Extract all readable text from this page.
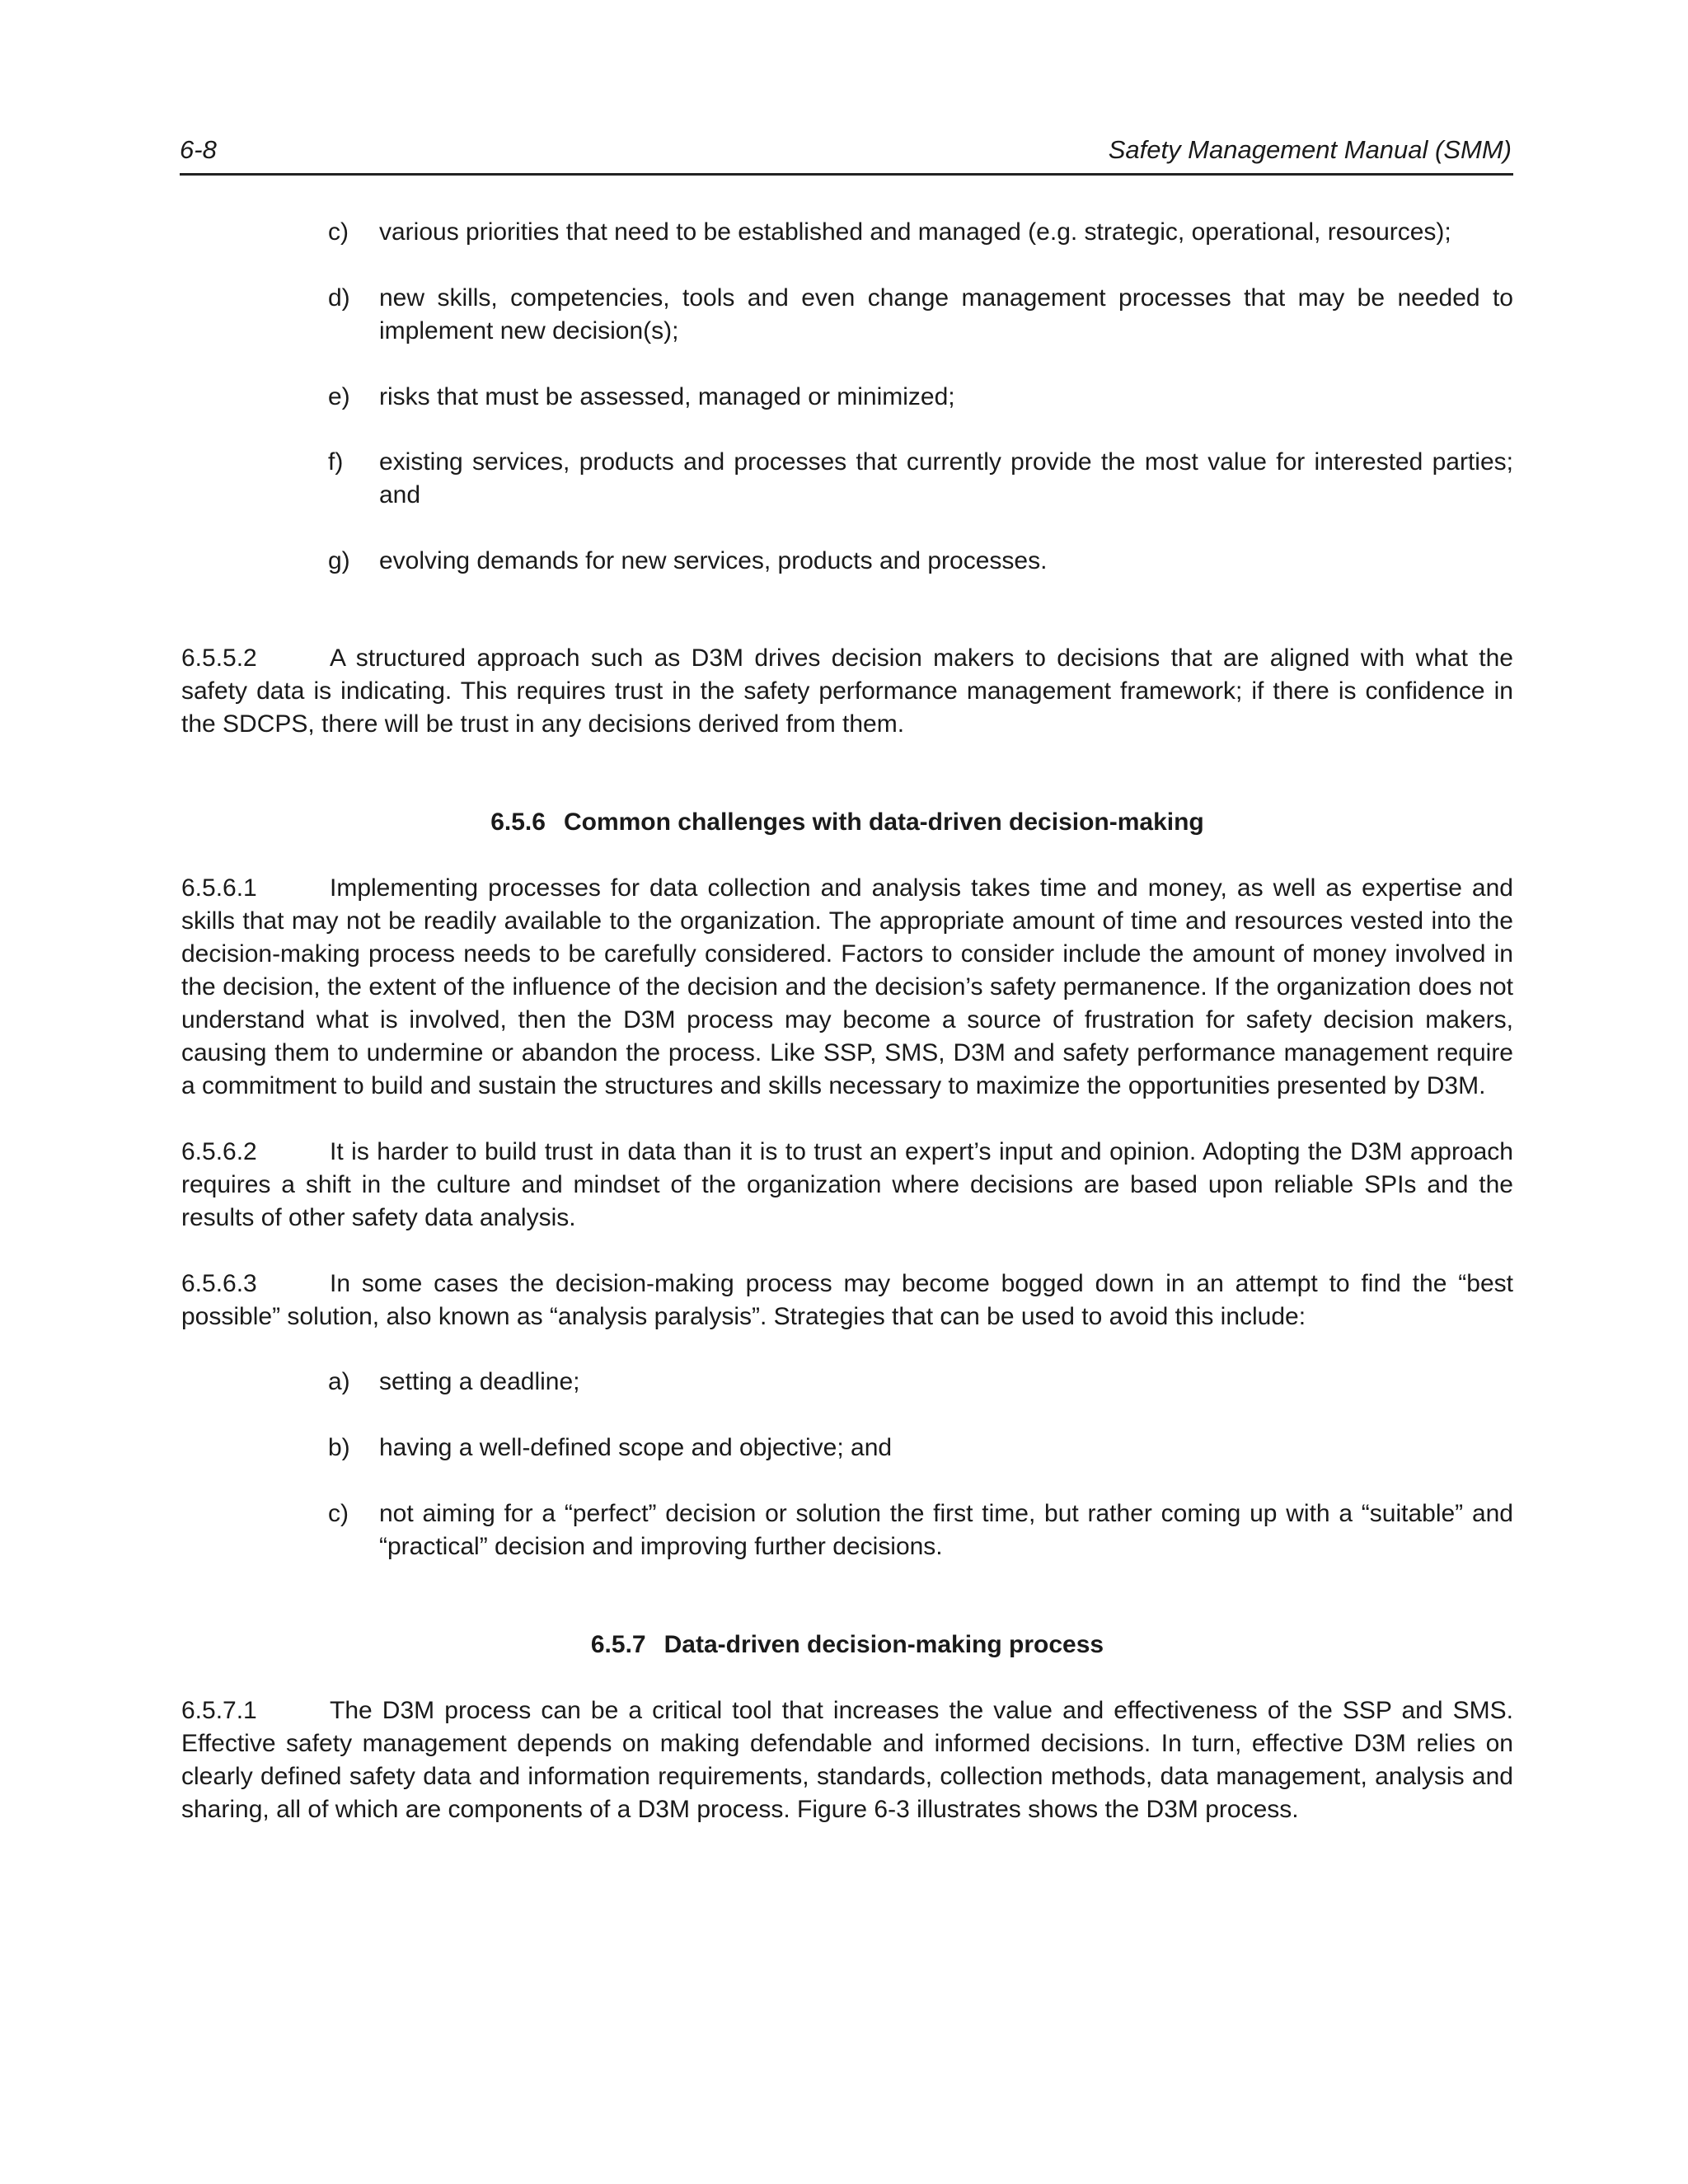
6-8	Safety Management Manual (SMM)
c)	various priorities that need to be established and managed (e.g. strategic, operational, resources);
d)	new skills, competencies, tools and even change management processes that may be needed to implement new decision(s);
e)	risks that must be assessed, managed or minimized;
f)	existing services, products and processes that currently provide the most value for interested parties; and
g)	evolving demands for new services, products and processes.
6.5.5.2	A structured approach such as D3M drives decision makers to decisions that are aligned with what the safety data is indicating. This requires trust in the safety performance management framework; if there is confidence in the SDCPS, there will be trust in any decisions derived from them.
6.5.6 Common challenges with data-driven decision-making
6.5.6.1	Implementing processes for data collection and analysis takes time and money, as well as expertise and skills that may not be readily available to the organization. The appropriate amount of time and resources vested into the decision-making process needs to be carefully considered. Factors to consider include the amount of money involved in the decision, the extent of the influence of the decision and the decision’s safety permanence. If the organization does not understand what is involved, then the D3M process may become a source of frustration for safety decision makers, causing them to undermine or abandon the process. Like SSP, SMS, D3M and safety performance management require a commitment to build and sustain the structures and skills necessary to maximize the opportunities presented by D3M.
6.5.6.2	It is harder to build trust in data than it is to trust an expert’s input and opinion. Adopting the D3M approach requires a shift in the culture and mindset of the organization where decisions are based upon reliable SPIs and the results of other safety data analysis.
6.5.6.3	In some cases the decision-making process may become bogged down in an attempt to find the “best possible” solution, also known as “analysis paralysis”. Strategies that can be used to avoid this include:
a)	setting a deadline;
b)	having a well-defined scope and objective; and
c)	not aiming for a “perfect” decision or solution the first time, but rather coming up with a “suitable” and “practical” decision and improving further decisions.
6.5.7 Data-driven decision-making process
6.5.7.1	The D3M process can be a critical tool that increases the value and effectiveness of the SSP and SMS. Effective safety management depends on making defendable and informed decisions. In turn, effective D3M relies on clearly defined safety data and information requirements, standards, collection methods, data management, analysis and sharing, all of which are components of a D3M process. Figure 6-3 illustrates shows the D3M process.
